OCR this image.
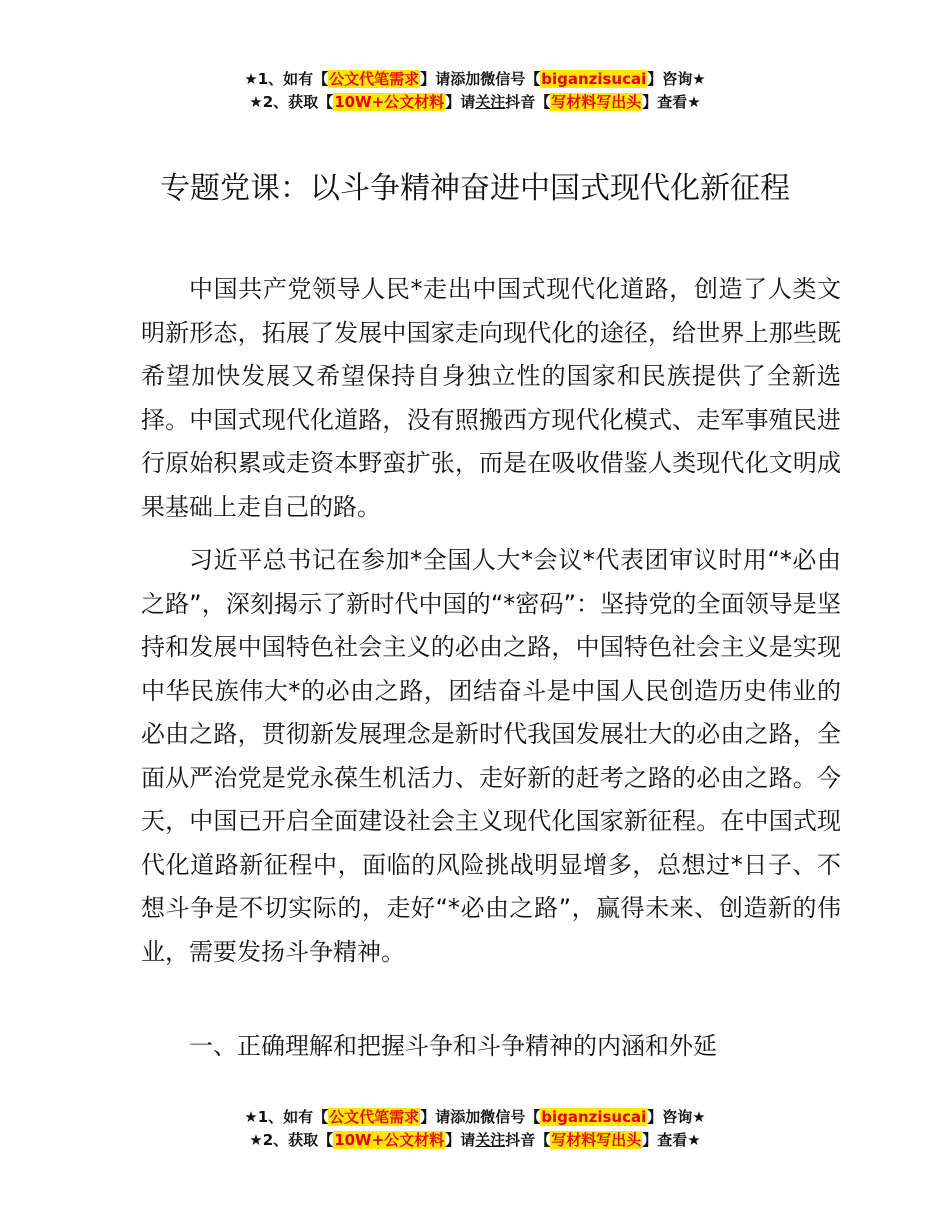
★1、如有【公文代笔需求】请添加微信号【biganzisucai】咨询★
★2、获取【10W+公文材料】请关注抖音【写材料写出头】查看★
专题党课：以斗争精神奋进中国式现代化新征程

中国共产党领导人民*走出中国式现代化道路，创造了人类文明新形态，拓展了发展中国家走向现代化的途径，给世界上那些既希望加快发展又希望保持自身独立性的国家和民族提供了全新选择。中国式现代化道路，没有照搬西方现代化模式、走军事殖民进行原始积累或走资本野蛮扩张，而是在吸收借鉴人类现代化文明成果基础上走自己的路。

习近平总书记在参加*全国人大*会议*代表团审议时用“*必由之路”，深刻揭示了新时代中国的“*密码”：坚持党的全面领导是坚持和发展中国特色社会主义的必由之路，中国特色社会主义是实现中华民族伟大*的必由之路，团结奋斗是中国人民创造历史伟业的必由之路，贯彻新发展理念是新时代我国发展壮大的必由之路，全面从严治党是党永葆生机活力、走好新的赶考之路的必由之路。今天，中国已开启全面建设社会主义现代化国家新征程。在中国式现代化道路新征程中，面临的风险挑战明显增多，总想过*日子、不想斗争是不切实际的，走好“*必由之路”，赢得未来、创造新的伟业，需要发扬斗争精神。

一、正确理解和把握斗争和斗争精神的内涵和外延

★1、如有【公文代笔需求】请添加微信号【biganzisucai】咨询★
★2、获取【10W+公文材料】请关注抖音【写材料写出头】查看★
